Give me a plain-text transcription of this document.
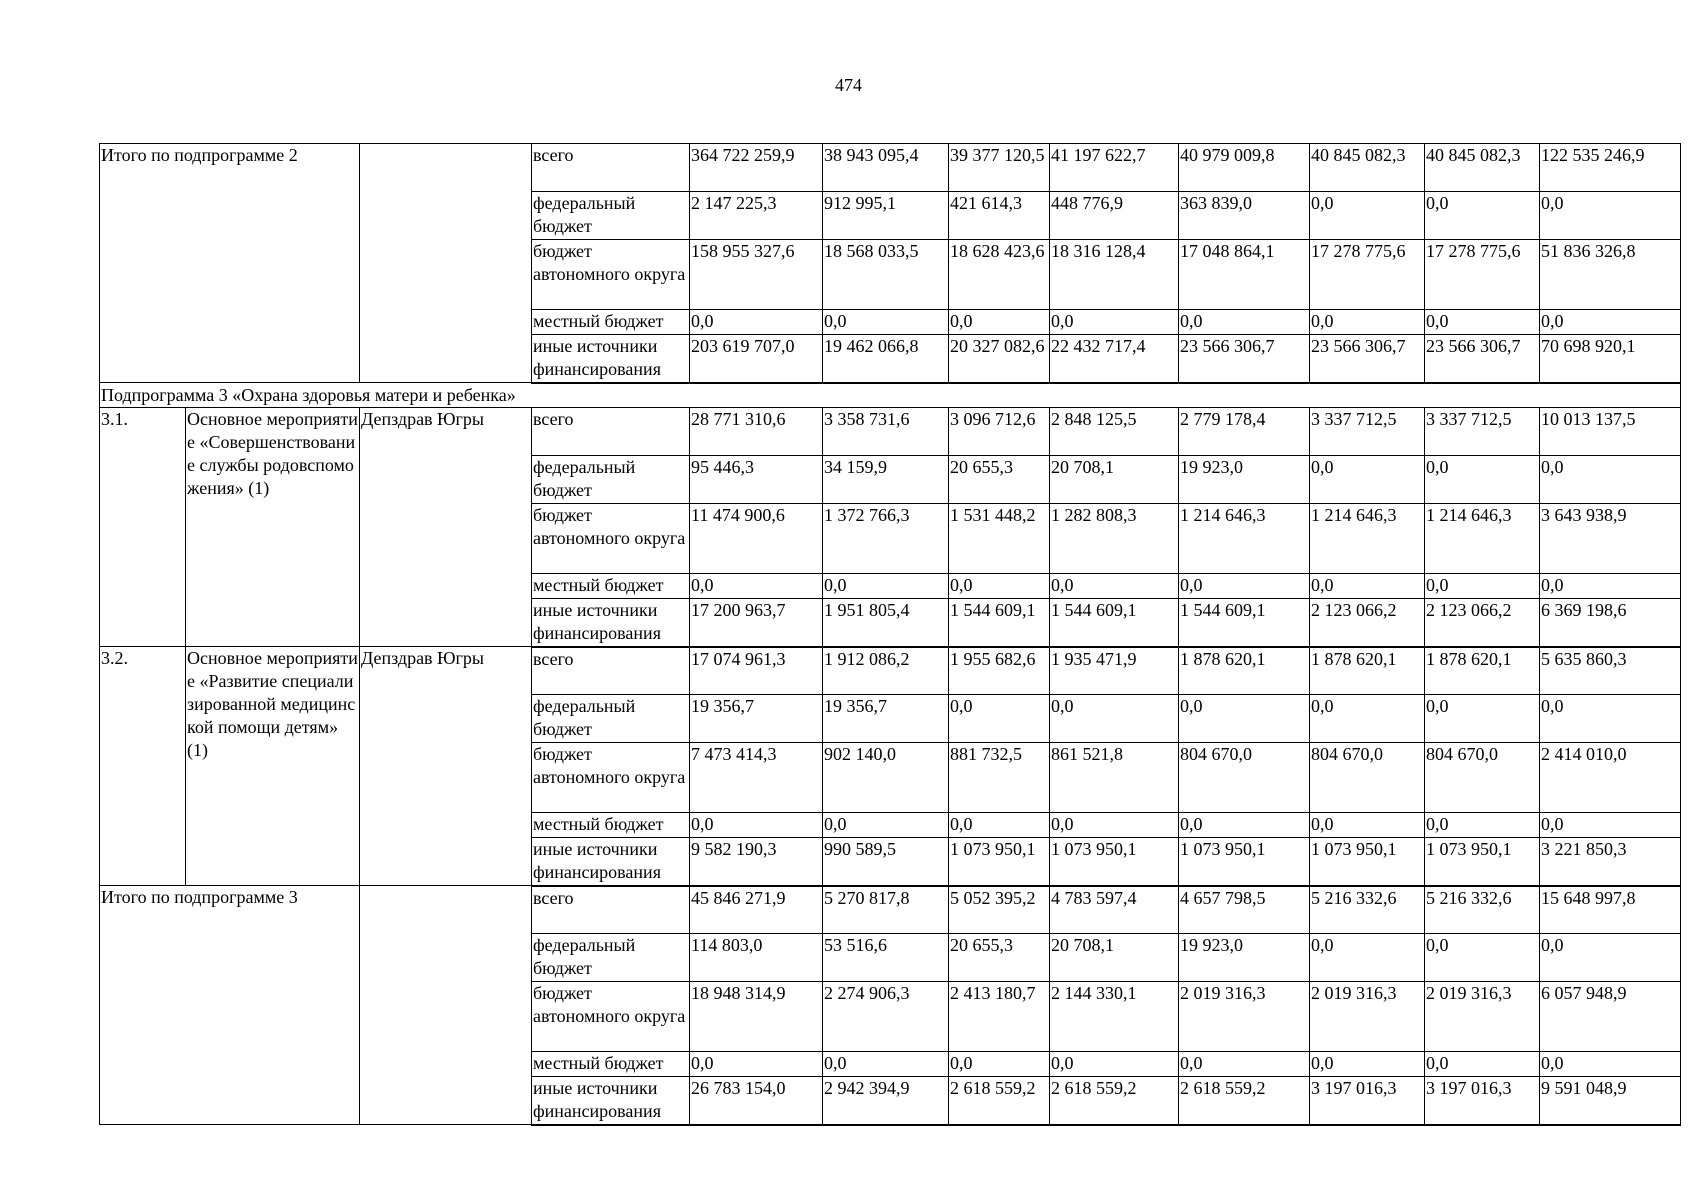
474
Итого по подпрограмме 2			всего	364 722 259,9	38 943 095,4	39 377 120,5	41 197 622,7	40 979 009,8	40 845 082,3	40 845 082,3	122 535 246,9
			федеральный бюджет	2 147 225,3	912 995,1	421 614,3	448 776,9	363 839,0	0,0	0,0	0,0
			бюджет автономного округа	158 955 327,6	18 568 033,5	18 628 423,6	18 316 128,4	17 048 864,1	17 278 775,6	17 278 775,6	51 836 326,8
			местный бюджет	0,0	0,0	0,0	0,0	0,0	0,0	0,0	0,0
			иные источники финансирования	203 619 707,0	19 462 066,8	20 327 082,6	22 432 717,4	23 566 306,7	23 566 306,7	23 566 306,7	70 698 920,1
Подпрограмма 3 «Охрана здоровья матери и ребенка»											
3.1.	Основное мероприятие «Совершенствование службы родовспоможения» (1)	Депздрав Югры	всего	28 771 310,6	3 358 731,6	3 096 712,6	2 848 125,5	2 779 178,4	3 337 712,5	3 337 712,5	10 013 137,5
			федеральный бюджет	95 446,3	34 159,9	20 655,3	20 708,1	19 923,0	0,0	0,0	0,0
			бюджет автономного округа	11 474 900,6	1 372 766,3	1 531 448,2	1 282 808,3	1 214 646,3	1 214 646,3	1 214 646,3	3 643 938,9
			местный бюджет	0,0	0,0	0,0	0,0	0,0	0,0	0,0	0,0
			иные источники финансирования	17 200 963,7	1 951 805,4	1 544 609,1	1 544 609,1	1 544 609,1	2 123 066,2	2 123 066,2	6 369 198,6
3.2.	Основное мероприятие «Развитие специализированной медицинской помощи детям» (1)	Депздрав Югры	всего	17 074 961,3	1 912 086,2	1 955 682,6	1 935 471,9	1 878 620,1	1 878 620,1	1 878 620,1	5 635 860,3
			федеральный бюджет	19 356,7	19 356,7	0,0	0,0	0,0	0,0	0,0	0,0
			бюджет автономного округа	7 473 414,3	902 140,0	881 732,5	861 521,8	804 670,0	804 670,0	804 670,0	2 414 010,0
			местный бюджет	0,0	0,0	0,0	0,0	0,0	0,0	0,0	0,0
			иные источники финансирования	9 582 190,3	990 589,5	1 073 950,1	1 073 950,1	1 073 950,1	1 073 950,1	1 073 950,1	3 221 850,3
Итого по подпрограмме 3			всего	45 846 271,9	5 270 817,8	5 052 395,2	4 783 597,4	4 657 798,5	5 216 332,6	5 216 332,6	15 648 997,8
			федеральный бюджет	114 803,0	53 516,6	20 655,3	20 708,1	19 923,0	0,0	0,0	0,0
			бюджет автономного округа	18 948 314,9	2 274 906,3	2 413 180,7	2 144 330,1	2 019 316,3	2 019 316,3	2 019 316,3	6 057 948,9
			местный бюджет	0,0	0,0	0,0	0,0	0,0	0,0	0,0	0,0
			иные источники финансирования	26 783 154,0	2 942 394,9	2 618 559,2	2 618 559,2	2 618 559,2	3 197 016,3	3 197 016,3	9 591 048,9
